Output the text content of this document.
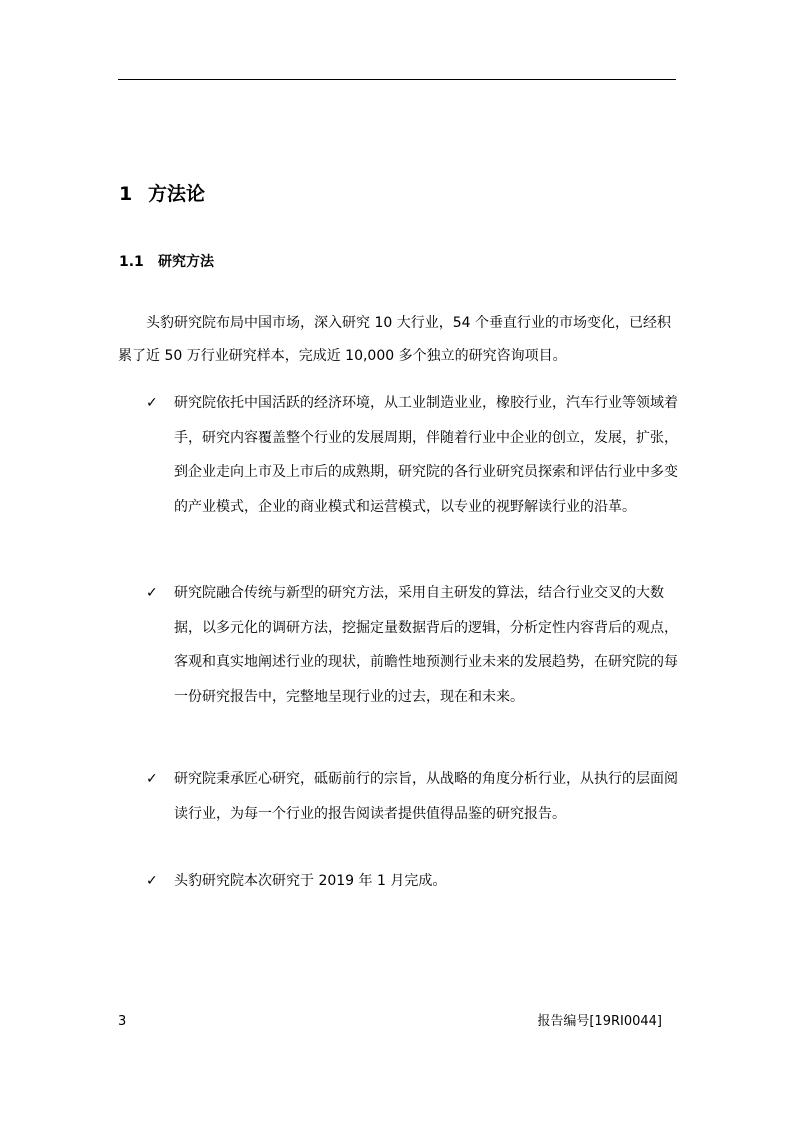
1 方法论
1.1 研究方法

头豹研究院布局中国市场，深入研究 10 大行业，54 个垂直行业的市场变化，已经积累了近 50 万行业研究样本，完成近 10,000 多个独立的研究咨询项目。

✓ 研究院依托中国活跃的经济环境，从工业制造业业，橡胶行业，汽车行业等领域着手，研究内容覆盖整个行业的发展周期，伴随着行业中企业的创立，发展，扩张，到企业走向上市及上市后的成熟期，研究院的各行业研究员探索和评估行业中多变的产业模式，企业的商业模式和运营模式，以专业的视野解读行业的沿革。
✓ 研究院融合传统与新型的研究方法，采用自主研发的算法，结合行业交叉的大数据，以多元化的调研方法，挖掘定量数据背后的逻辑，分析定性内容背后的观点，客观和真实地阐述行业的现状，前瞻性地预测行业未来的发展趋势，在研究院的每一份研究报告中，完整地呈现行业的过去，现在和未来。
✓ 研究院秉承匠心研究，砥砺前行的宗旨，从战略的角度分析行业，从执行的层面阅读行业，为每一个行业的报告阅读者提供值得品鉴的研究报告。
✓ 头豹研究院本次研究于 2019 年 1 月完成。
3	报告编号[19RI0044]
